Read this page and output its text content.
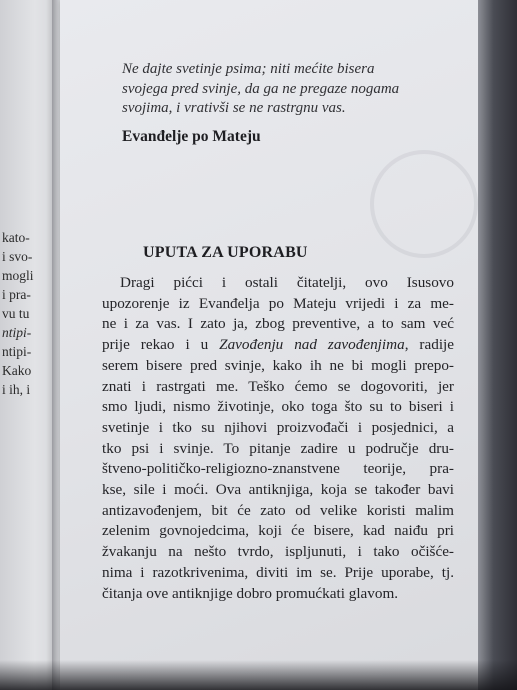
kato-
i svo-
mogli
i pra-
vu tu
ntipi-
ntipi-
Kako
i ih, i
Ne dajte svetinje psima; niti mećite bisera
svojega pred svinje, da ga ne pregaze nogama
svojima, i vrativši se ne rastrgnu vas.
Evanđelje po Mateju
UPUTA ZA UPORABU
Dragi pićci i ostali čitatelji, ovo Isusovo
upozorenje iz Evanđelja po Mateju vrijedi i za me-
ne i za vas. I zato ja, zbog preventive, a to sam već
prije rekao i u Zavođenju nad zavođenjima, radije
serem bisere pred svinje, kako ih ne bi mogli prepo-
znati i rastrgati me. Teško ćemo se dogovoriti, jer
smo ljudi, nismo životinje, oko toga što su to biseri i
svetinje i tko su njihovi proizvođači i posjednici, a
tko psi i svinje. To pitanje zadire u područje dru-
štveno-političko-religiozno-znanstvene teorije, pra-
kse, sile i moći. Ova antiknjiga, koja se također bavi
antizavođenjem, bit će zato od velike koristi malim
zelenim govnojedcima, koji će bisere, kad naiđu pri
žvakanju na nešto tvrdo, ispljunuti, i tako očišće-
nima i razotkrivenima, diviti im se. Prije uporabe, tj.
čitanja ove antiknjige dobro promućkati glavom.
